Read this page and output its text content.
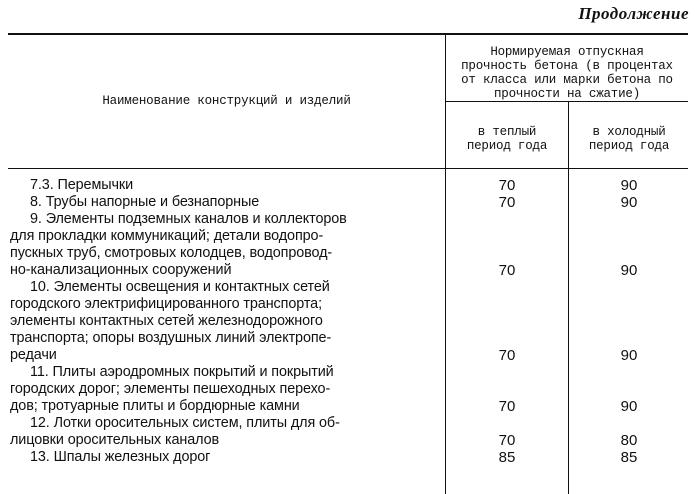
Продолжение
Наименование конструкций и изделий
Нормируемая отпускная
прочность бетона (в процентах
от класса или марки бетона по
прочности на сжатие)
в теплый
период года
в холодный
период года
7.3. Перемычки	70	90
8. Трубы напорные и безнапорные	70	90
9. Элементы подземных каналов и коллекторов
для прокладки коммуникаций; детали водопро-
пускных труб, смотровых колодцев, водопровод-
но-канализационных сооружений	70	90
10. Элементы освещения и контактных сетей
городского электрифицированного транспорта;
элементы контактных сетей железнодорожного
транспорта; опоры воздушных линий электропе-
редачи	70	90
11. Плиты аэродромных покрытий и покрытий
городских дорог; элементы пешеходных перехо-
дов; тротуарные плиты и бордюрные камни	70	90
12. Лотки оросительных систем, плиты для об-
лицовки оросительных каналов	70	80
13. Шпалы железных дорог	85	85
